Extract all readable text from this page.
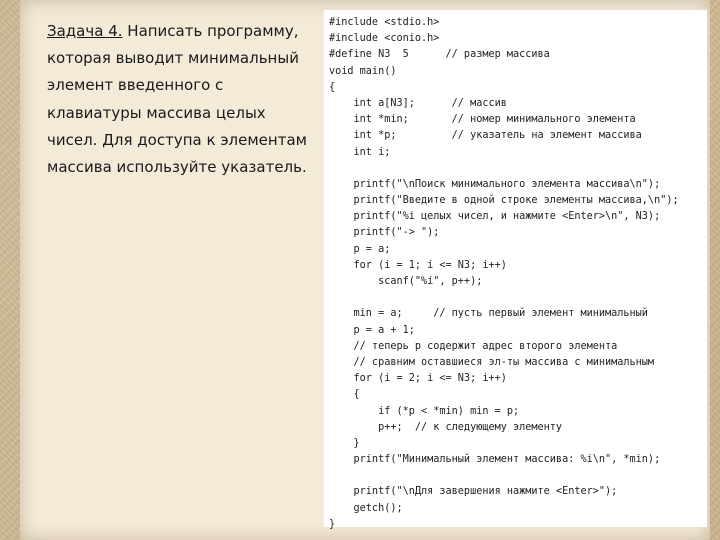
Задача 4. Написать программу, которая выводит минимальный элемент введенного с клавиатуры массива целых чисел. Для доступа к элементам массива используйте указатель.
#include <stdio.h>
#include <conio.h>
#define N3  5      // размер массива
void main()
{
int a[N3];      // массив
int *min;       // номер минимального элемента
int *p;         // указатель на элемент массива
int i;
printf("\nПоиск минимального элемента массива\n");
printf("Введите в одной строке элементы массива,\n");
printf("%i целых чисел, и нажмите <Enter>\n", N3);
printf("-> ");
p = a;
for (i = 1; i <= N3; i++)
scanf("%i", p++);
min = a;     // пусть первый элемент минимальный
p = a + 1;
// теперь p содержит адрес второго элемента
// сравним оставшиеся эл-ты массива с минимальным
for (i = 2; i <= N3; i++)
{
if (*p < *min) min = p;
p++;  // к следующему элементу
}
printf("Минимальный элемент массива: %i\n", *min);
printf("\nДля завершения нажмите <Enter>");
getch();
}
